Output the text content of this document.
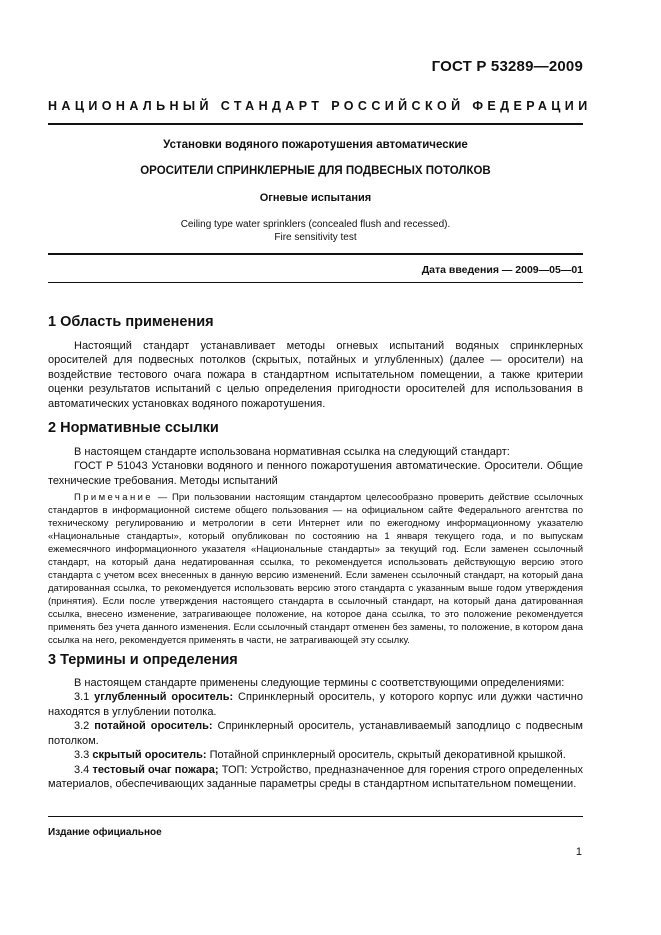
ГОСТ Р 53289—2009
НАЦИОНАЛЬНЫЙ СТАНДАРТ РОССИЙСКОЙ ФЕДЕРАЦИИ
Установки водяного пожаротушения автоматические
ОРОСИТЕЛИ СПРИНКЛЕРНЫЕ ДЛЯ ПОДВЕСНЫХ ПОТОЛКОВ
Огневые испытания
Ceiling type water sprinklers (concealed flush and recessed).
Fire sensitivity test
Дата введения — 2009—05—01
1 Область применения

Настоящий стандарт устанавливает методы огневых испытаний водяных спринклерных оросителей для подвесных потолков (скрытых, потайных и углубленных) (далее — оросители) на воздействие тестового очага пожара в стандартном испытательном помещении, а также критерии оценки результатов испытаний с целью определения пригодности оросителей для использования в автоматических установках водяного пожаротушения.

2 Нормативные ссылки

В настоящем стандарте использована нормативная ссылка на следующий стандарт:

ГОСТ Р 51043 Установки водяного и пенного пожаротушения автоматические. Оросители. Общие технические требования. Методы испытаний

Примечание — При пользовании настоящим стандартом целесообразно проверить действие ссылочных стандартов в информационной системе общего пользования — на официальном сайте Федерального агентства по техническому регулированию и метрологии в сети Интернет или по ежегодному информационному указателю «Национальные стандарты», который опубликован по состоянию на 1 января текущего года, и по выпускам ежемесячного информационного указателя «Национальные стандарты» за текущий год. Если заменен ссылочный стандарт, на который дана недатированная ссылка, то рекомендуется использовать действующую версию этого стандарта с учетом всех внесенных в данную версию изменений. Если заменен ссылочный стандарт, на который дана датированная ссылка, то рекомендуется использовать версию этого стандарта с указанным выше годом утверждения (принятия). Если после утверждения настоящего стандарта в ссылочный стандарт, на который дана датированная ссылка, внесено изменение, затрагивающее положение, на которое дана ссылка, то это положение рекомендуется применять без учета данного изменения. Если ссылочный стандарт отменен без замены, то положение, в котором дана ссылка на него, рекомендуется применять в части, не затрагивающей эту ссылку.

3 Термины и определения

В настоящем стандарте применены следующие термины с соответствующими определениями:

3.1 углубленный ороситель: Спринклерный ороситель, у которого корпус или дужки частично находятся в углублении потолка.

3.2 потайной ороситель: Спринклерный ороситель, устанавливаемый заподлицо с подвесным потолком.

3.3 скрытый ороситель: Потайной спринклерный ороситель, скрытый декоративной крышкой.

3.4 тестовый очаг пожара; ТОП: Устройство, предназначенное для горения строго определенных материалов, обеспечивающих заданные параметры среды в стандартном испытательном помещении.

Издание официальное
1
